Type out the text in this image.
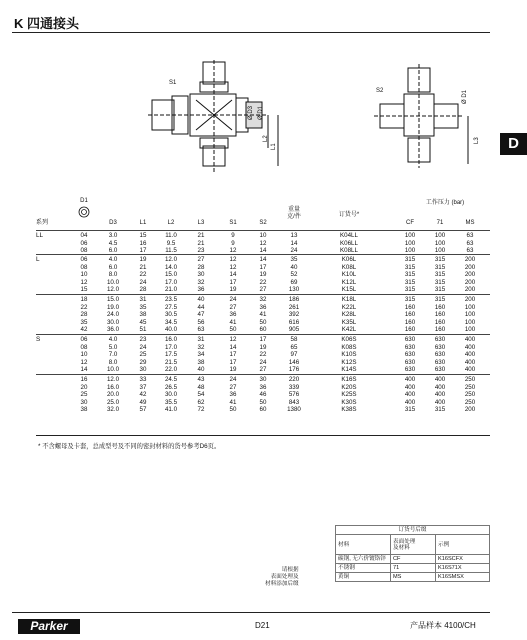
K 四通接头
D
S1
Ø D3 Ø D1
L2
L1
S2	Ø D1
L3
D1
系列	D3	L1	L2	L3	S1	S2
重量
克/件	订货号*
工作压力 (bar)
CF	71	MS
LL	04	3.0	15	11.0	21	9	10	13	K04LL	100	100	63
06	4.5	16	9.5	21	9	12	14	K06LL	100	100	63
08	6.0	17	11.5	23	12	14	24	K08LL	100	100	63
L	06	4.0	19	12.0	27	12	14	35	K06L	315	315	200
08	6.0	21	14.0	28	12	17	40	K08L	315	315	200
10	8.0	22	15.0	30	14	19	52	K10L	315	315	200
12	10.0	24	17.0	32	17	22	69	K12L	315	315	200
15	12.0	28	21.0	36	19	27	130	K15L	315	315	200
18	15.0	31	23.5	40	24	32	186	K18L	315	315	200
22	19.0	35	27.5	44	27	36	261	K22L	160	160	100
28	24.0	38	30.5	47	36	41	392	K28L	160	160	100
35	30.0	45	34.5	56	41	50	616	K35L	160	160	100
42	36.0	51	40.0	63	50	60	905	K42L	160	160	100
S	06	4.0	23	16.0	31	12	17	58	K06S	630	630	400
08	5.0	24	17.0	32	14	19	65	K08S	630	630	400
10	7.0	25	17.5	34	17	22	97	K10S	630	630	400
12	8.0	29	21.5	38	17	24	146	K12S	630	630	400
14	10.0	30	22.0	40	19	27	176	K14S	630	630	400
16	12.0	33	24.5	43	24	30	220	K16S	400	400	250
20	16.0	37	26.5	48	27	36	339	K20S	400	400	250
25	20.0	42	30.0	54	36	46	576	K25S	400	400	250
30	25.0	49	35.5	62	41	50	843	K30S	400	400	250
38	32.0	57	41.0	72	50	60	1380	K38S	315	315	200
* 不含螺母及卡套，总成型号及不同的密封材料的货号参考D6页。
订货号后缀		
材料	表面处理
及材料	示例
碳钢, 无六价镀铬锌	CF	K16SCFX
不锈钢	71	K16S71X
黄铜	MS	K16SMSX
请根据
表面处理及
材料添加后缀
Parker	D21	产品样本 4100/CH
